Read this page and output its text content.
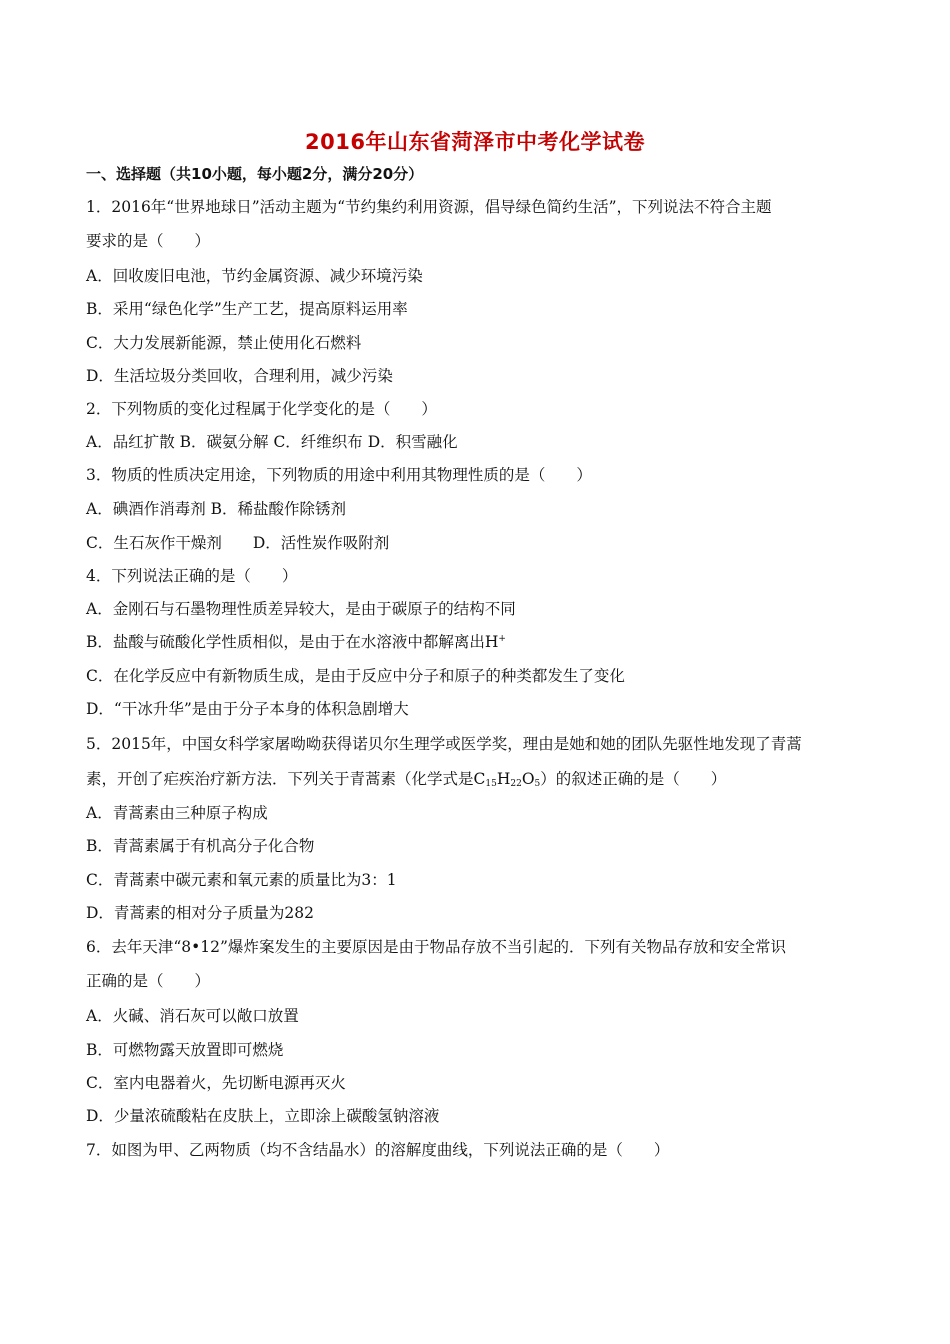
2016年山东省菏泽市中考化学试卷
一、选择题（共10小题，每小题2分，满分20分）
1．2016年“世界地球日”活动主题为“节约集约利用资源，倡导绿色简约生活”，下列说法不符合主题
要求的是（　　）
A．回收废旧电池，节约金属资源、减少环境污染
B．采用“绿色化学”生产工艺，提高原料运用率
C．大力发展新能源，禁止使用化石燃料
D．生活垃圾分类回收，合理利用，减少污染
2．下列物质的变化过程属于化学变化的是（　　）
A．品红扩散 B．碳氨分解 C．纤维织布 D．积雪融化
3．物质的性质决定用途，下列物质的用途中利用其物理性质的是（　　）
A．碘酒作消毒剂 B．稀盐酸作除锈剂
C．生石灰作干燥剂　　D．活性炭作吸附剂
4．下列说法正确的是（　　）
A．金刚石与石墨物理性质差异较大，是由于碳原子的结构不同
B．盐酸与硫酸化学性质相似，是由于在水溶液中都解离出H+
C．在化学反应中有新物质生成，是由于反应中分子和原子的种类都发生了变化
D．“干冰升华”是由于分子本身的体积急剧增大
5．2015年，中国女科学家屠呦呦获得诺贝尔生理学或医学奖，理由是她和她的团队先驱性地发现了青蒿
素，开创了疟疾治疗新方法．下列关于青蒿素（化学式是$C_{15}H_{22}O_5$）的叙述正确的是（　　）
A．青蒿素由三种原子构成
B．青蒿素属于有机高分子化合物
C．青蒿素中碳元素和氧元素的质量比为3：1
D．青蒿素的相对分子质量为282
6．去年天津“8•12”爆炸案发生的主要原因是由于物品存放不当引起的．下列有关物品存放和安全常识
正确的是（　　）
A．火碱、消石灰可以敞口放置
B．可燃物露天放置即可燃烧
C．室内电器着火，先切断电源再灭火
D．少量浓硫酸粘在皮肤上，立即涂上碳酸氢钠溶液
7．如图为甲、乙两物质（均不含结晶水）的溶解度曲线，下列说法正确的是（　　）
